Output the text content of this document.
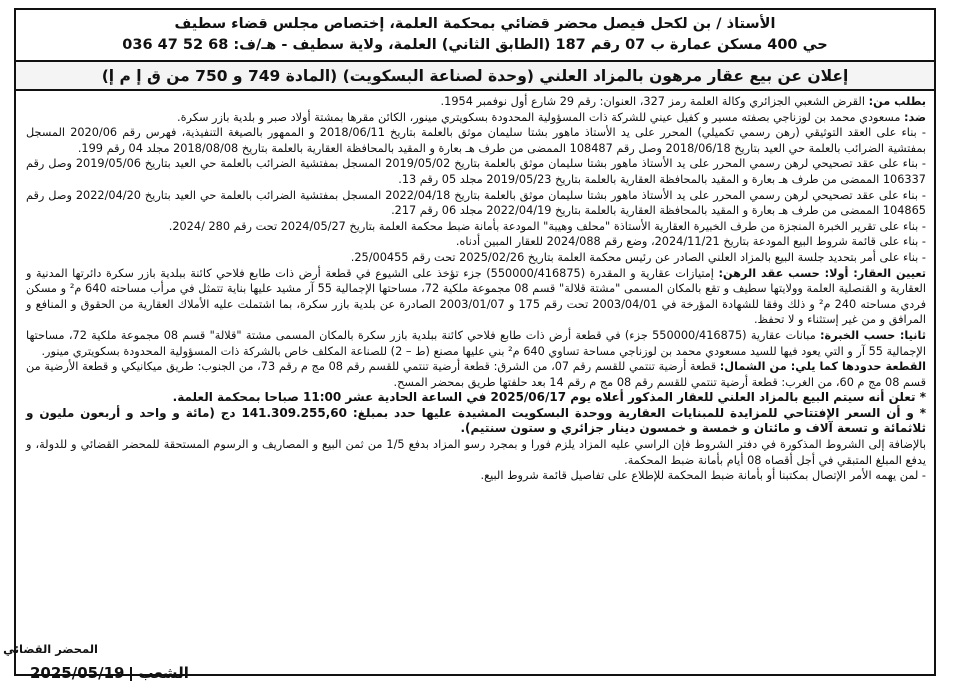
الأستاذ / بن لكحل فيصل محضر قضائي بمحكمة العلمة، إختصاص مجلس قضاء سطيف
حي 400 مسكن عمارة ب 07 رقم 187 (الطابق الثاني) العلمة، ولاية سطيف - هـ/ف: 68 52 47 036
إعلان عن بيع عقار مرهون بالمزاد العلني (وحدة لصناعة البسكويت) (المادة 749 و 750 من ق إ م إ)

بطلب من: القرض الشعبي الجزائري وكالة العلمة رمز 327، العنوان: رقم 29 شارع أول نوفمبر 1954.

ضد: مسعودي محمد بن لوزناجي بصفته مسير و كفيل عيني للشركة ذات المسؤولية المحدودة بسكويتري مينور، الكائن مقرها بمشتة أولاد صبر و بلدية بازر سكرة.

- بناء على العقد التوثيقي (رهن رسمي تكميلي) المحرر على يد الأستاذ ماهور بشتا سليمان موثق بالعلمة بتاريخ 2018/06/11 و الممهور بالصيغة التنفيذية، فهرس رقم 2020/06 المسجل بمفتشية الضرائب بالعلمة حي العيد بتاريخ 2018/06/18 وصل رقم 108487 الممضى من طرف هـ بعارة و المقيد بالمحافظة العقارية بالعلمة بتاريخ 2018/08/08 مجلد 04 رقم 199.

- بناء على عقد تصحيحي لرهن رسمي المحرر على يد الأستاذ ماهور بشتا سليمان موثق بالعلمة بتاريخ 2019/05/02 المسجل بمفتشية الضرائب بالعلمة حي العيد بتاريخ 2019/05/06 وصل رقم 106337 الممضى من طرف هـ بعارة و المقيد بالمحافظة العقارية بالعلمة بتاريخ 2019/05/23 مجلد 05 رقم 13.

- بناء على عقد تصحيحي لرهن رسمي المحرر على يد الأستاذ ماهور بشتا سليمان موثق بالعلمة بتاريخ 2022/04/18 المسجل بمفتشية الضرائب بالعلمة حي العيد بتاريخ 2022/04/20 وصل رقم 104865 الممضى من طرف هـ بعارة و المقيد بالمحافظة العقارية بالعلمة بتاريخ 2022/04/19 مجلد 06 رقم 217.

- بناء على تقرير الخبرة المنجزة من طرف الخبيرة العقارية الأستاذة "محلف وهيبة" المودعة بأمانة ضبط محكمة العلمة بتاريخ 2024/05/27 تحت رقم 280 /2024.

- بناء على قائمة شروط البيع المودعة بتاريخ 2024/11/21، وضع رقم 2024/088 للعقار المبين أدناه.

- بناء على أمر بتحديد جلسة البيع بالمزاد العلني الصادر عن رئيس محكمة العلمة بتاريخ 2025/02/26 تحت رقم 25/00455.

تعيين العقار: أولا: حسب عقد الرهن: إمتيازات عقارية و المقدرة (550000/416875) جزء تؤخذ على الشيوع في قطعة أرض ذات طابع فلاحي كائنة ببلدية بازر سكرة دائرتها المدنية و العقارية و القنصلية العلمة وولايتها سطيف و تقع بالمكان المسمى "مشتة قلالة" قسم 08 مجموعة ملكية 72، مساحتها الإجمالية 55 آر مشيد عليها بناية تتمثل في مرأب مساحته 640 م² و مسكن فردي مساحته 240 م² و ذلك وفقا للشهادة المؤرخة في 2003/04/01 تحت رقم 175 و 2003/01/07 الصادرة عن بلدية بازر سكرة، بما اشتملت عليه الأملاك العقارية من الحقوق و المنافع و المرافق و من غير إستثناء و لا تحفظ.

ثانيا: حسب الخبرة: مبانات عقارية (550000/416875 جزء) في قطعة أرض ذات طابع فلاحي كائنة ببلدية بازر سكرة بالمكان المسمى مشتة "قلالة" قسم 08 مجموعة ملكية 72، مساحتها الإجمالية 55 آر و التي يعود فيها للسيد مسعودي محمد بن لوزناجي مساحة تساوي 640 م² بني عليها مصنع (ط – 2) للصناعة المكلف خاص بالشركة ذات المسؤولية المحدودة بسكويتري مينور.

القطعة حدودها كما يلي: من الشمال: قطعة أرضية تنتمي للقسم رقم 07، من الشرق: قطعة أرضية تنتمي للقسم رقم 08 مج م رقم 73، من الجنوب: طريق ميكانيكي و قطعة الأرضية من قسم 08 مج م 60، من الغرب: قطعة أرضية تنتمي للقسم رقم 08 مج م رقم 14 بعد حلفتها طريق بمحضر المسح.

* تعلن أنه سيتم البيع بالمزاد العلني للعقار المذكور أعلاه يوم 2025/06/17 في الساعة الحادية عشر 11:00 صباحا بمحكمة العلمة.

* و أن السعر الإفتتاحي للمزايدة للمبنايات العقارية ووحدة البسكويت المشيدة عليها حدد بمبلغ: 141.309.255,60 دج (مائة و واحد و أربعون مليون و ثلاثمائة و تسعة آلاف و مائتان و خمسة و خمسون دينار جزائري و ستون سنتيم).

بالإضافة إلى الشروط المذكورة في دفتر الشروط فإن الراسي عليه المزاد يلزم فورا و بمجرد رسو المزاد بدفع 1/5 من ثمن البيع و المصاريف و الرسوم المستحقة للمحضر القضائي و للدولة، و يدفع المبلغ المتبقي في أجل أقصاه 08 أيام بأمانة ضبط المحكمة.

- لمن يهمه الأمر الإتصال بمكتبنا أو بأمانة ضبط المحكمة للإطلاع على تفاصيل قائمة شروط البيع.

المحضر القضائي
الشعب2025/05/19
